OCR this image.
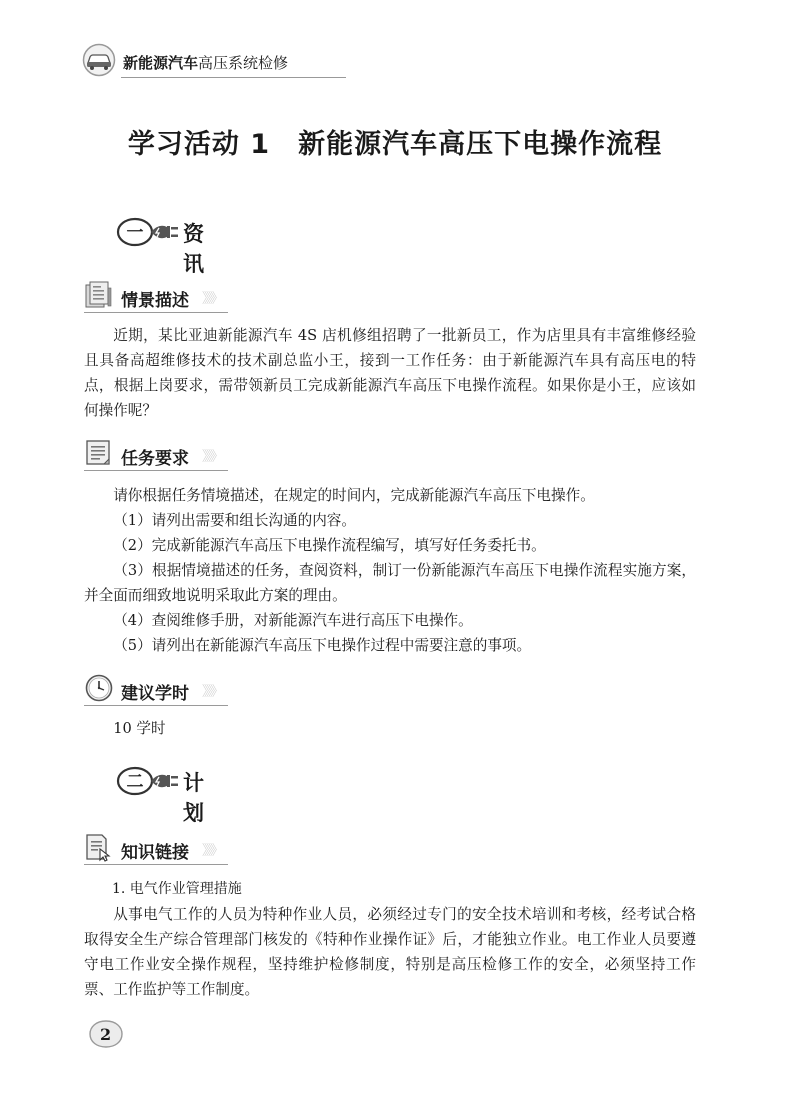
新能源汽车高压系统检修
学习活动 1 新能源汽车高压下电操作流程
一 资讯
情景描述 》》》

近期，某比亚迪新能源汽车 4S 店机修组招聘了一批新员工，作为店里具有丰富维修经验且具备高超维修技术的技术副总监小王，接到一工作任务：由于新能源汽车具有高压电的特点，根据上岗要求，需带领新员工完成新能源汽车高压下电操作流程。如果你是小王，应该如何操作呢？

任务要求 》》》

请你根据任务情境描述，在规定的时间内，完成新能源汽车高压下电操作。

（1）请列出需要和组长沟通的内容。

（2）完成新能源汽车高压下电操作流程编写，填写好任务委托书。

（3）根据情境描述的任务，查阅资料，制订一份新能源汽车高压下电操作流程实施方案，并全面而细致地说明采取此方案的理由。

（4）查阅维修手册，对新能源汽车进行高压下电操作。

（5）请列出在新能源汽车高压下电操作过程中需要注意的事项。

建议学时 》》》

10 学时

二 计划
知识链接 》》》

1. 电气作业管理措施

从事电气工作的人员为特种作业人员，必须经过专门的安全技术培训和考核，经考试合格取得安全生产综合管理部门核发的《特种作业操作证》后，才能独立作业。电工作业人员要遵守电工作业安全操作规程，坚持维护检修制度，特别是高压检修工作的安全，必须坚持工作票、工作监护等工作制度。

2
